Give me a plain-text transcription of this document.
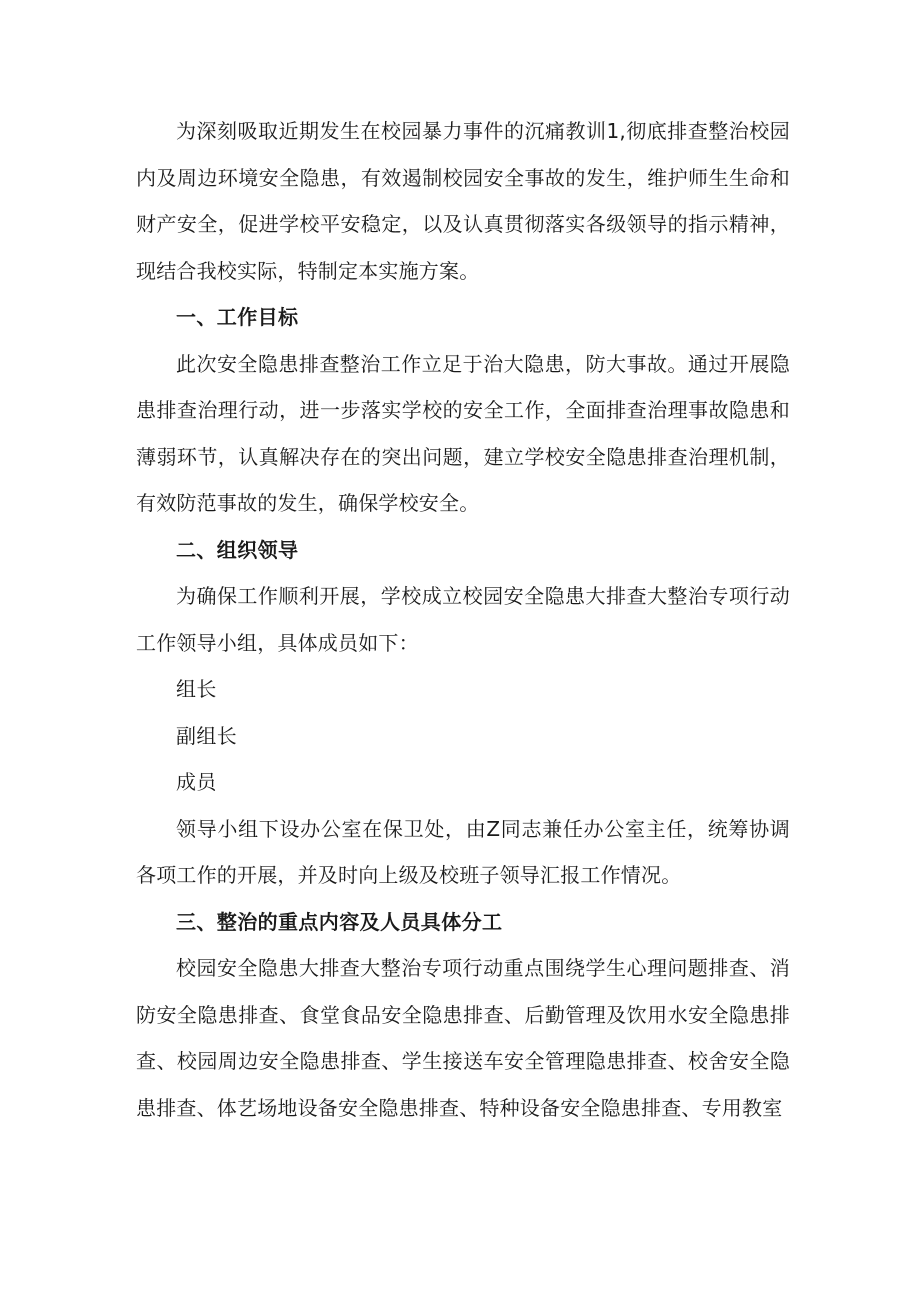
为深刻吸取近期发生在校园暴力事件的沉痛教训1,彻底排查整治校园内及周边环境安全隐患，有效遏制校园安全事故的发生，维护师生生命和财产安全，促进学校平安稳定，以及认真贯彻落实各级领导的指示精神，现结合我校实际，特制定本实施方案。

一、工作目标

此次安全隐患排查整治工作立足于治大隐患，防大事故。通过开展隐患排查治理行动，进一步落实学校的安全工作，全面排查治理事故隐患和薄弱环节，认真解决存在的突出问题，建立学校安全隐患排查治理机制，有效防范事故的发生，确保学校安全。

二、组织领导

为确保工作顺利开展，学校成立校园安全隐患大排查大整治专项行动工作领导小组，具体成员如下：

组长

副组长

成员

领导小组下设办公室在保卫处，由Z同志兼任办公室主任，统筹协调各项工作的开展，并及时向上级及校班子领导汇报工作情况。

三、整治的重点内容及人员具体分工

校园安全隐患大排查大整治专项行动重点围绕学生心理问题排查、消防安全隐患排查、食堂食品安全隐患排查、后勤管理及饮用水安全隐患排查、校园周边安全隐患排查、学生接送车安全管理隐患排查、校舍安全隐患排查、体艺场地设备安全隐患排查、特种设备安全隐患排查、专用教室
